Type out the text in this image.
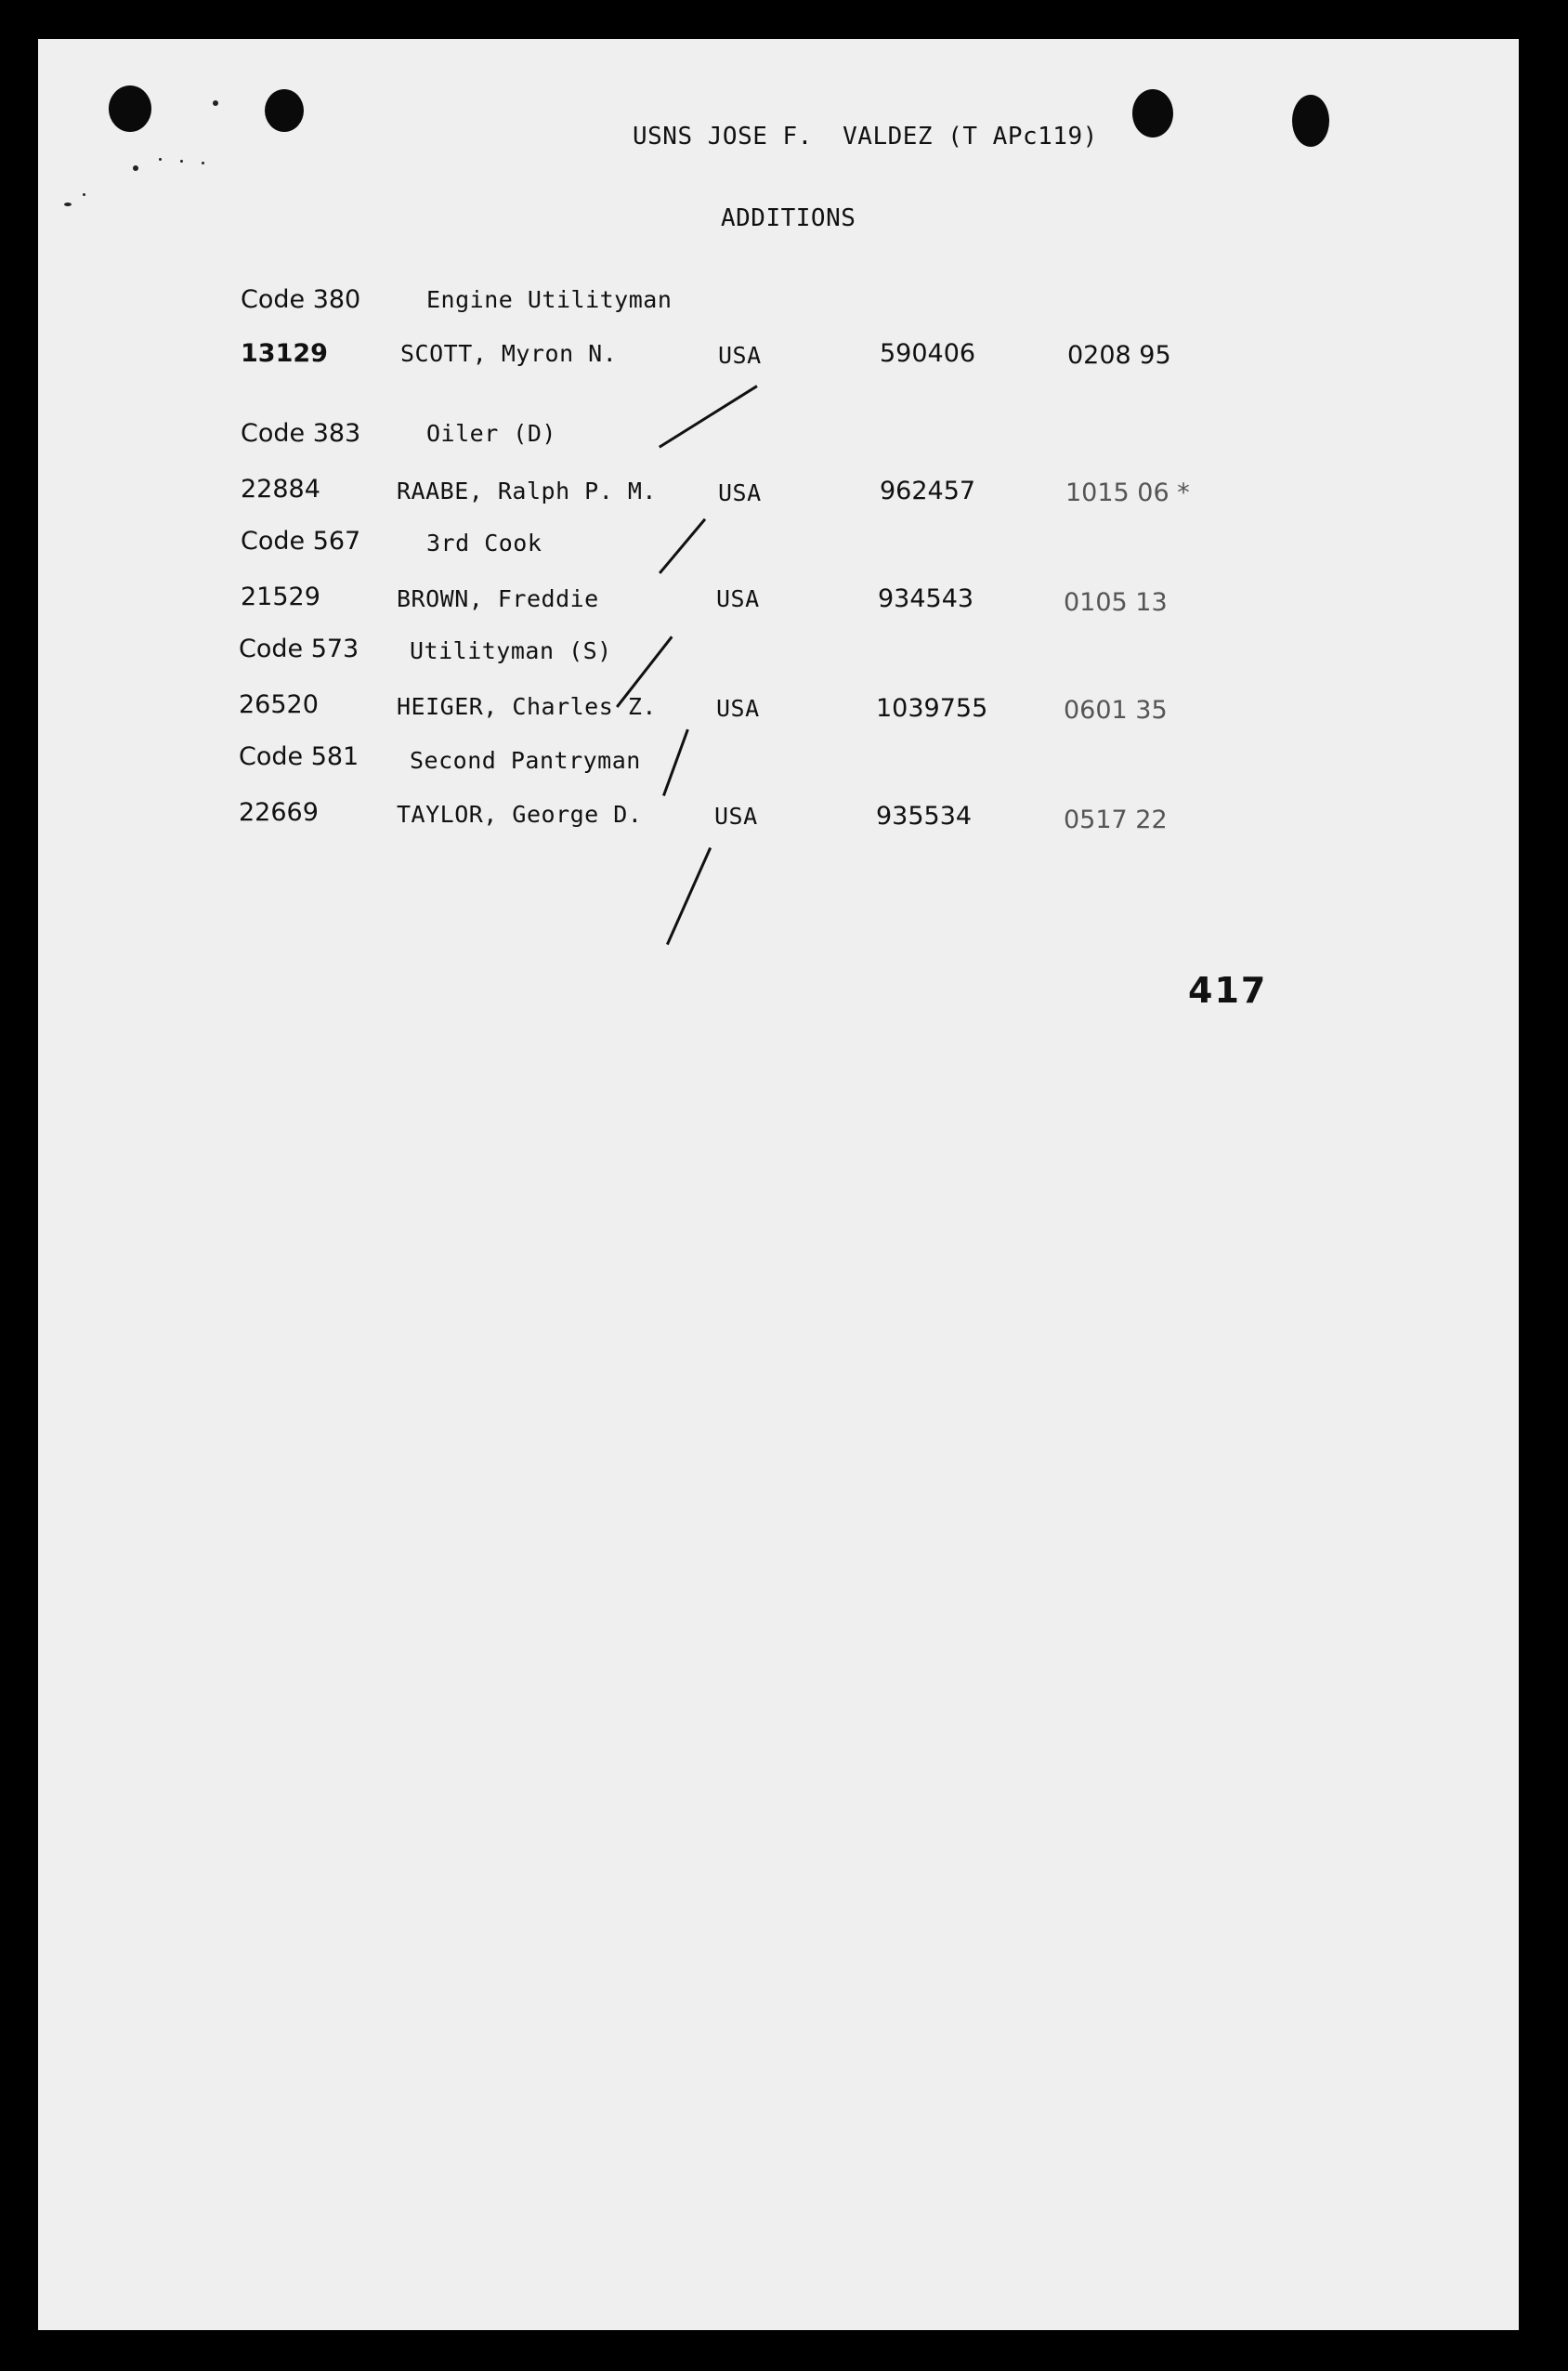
USNS JOSE F.  VALDEZ (T APc119)
ADDITIONS
Code 380	Engine Utilityman
13129	SCOTT, Myron N.	USA	590406	0208 95
Code 383	Oiler (D)
22884	RAABE, Ralph P. M.	USA	962457	1015 06 *
Code 567	3rd Cook
21529	BROWN, Freddie	USA	934543	0105 13
Code 573 Utilityman (S)
26520	HEIGER, Charles Z.	USA	1039755	0601 35
Code 581 Second Pantryman
22669	TAYLOR, George D.	USA	935534	0517 22
417
